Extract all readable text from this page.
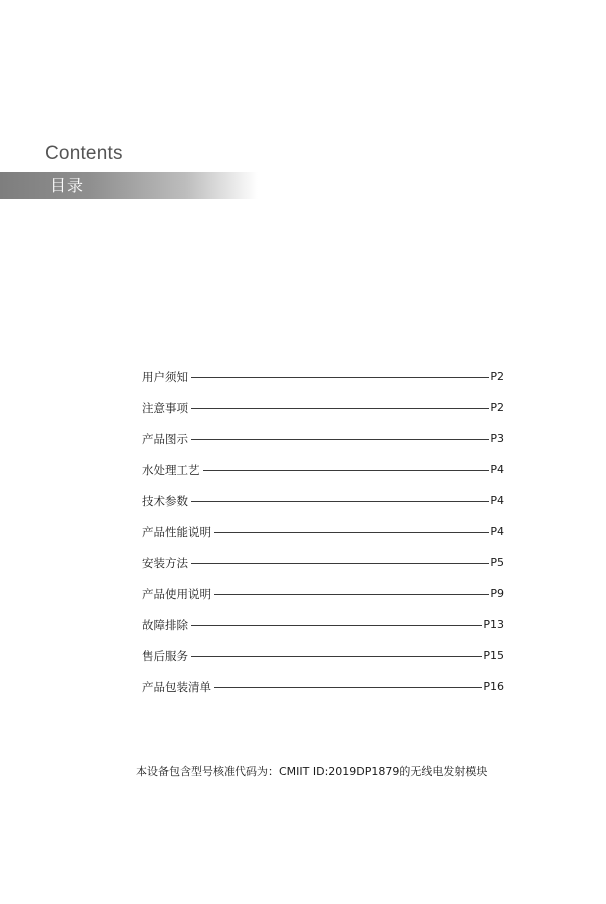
Contents
目录
用户须知	P2
注意事项	P2
产品图示	P3
水处理工艺	P4
技术参数	P4
产品性能说明	P4
安装方法	P5
产品使用说明	P9
故障排除	P13
售后服务	P15
产品包装清单	P16
本设备包含型号核准代码为：CMIIT ID:2019DP1879的无线电发射模块
